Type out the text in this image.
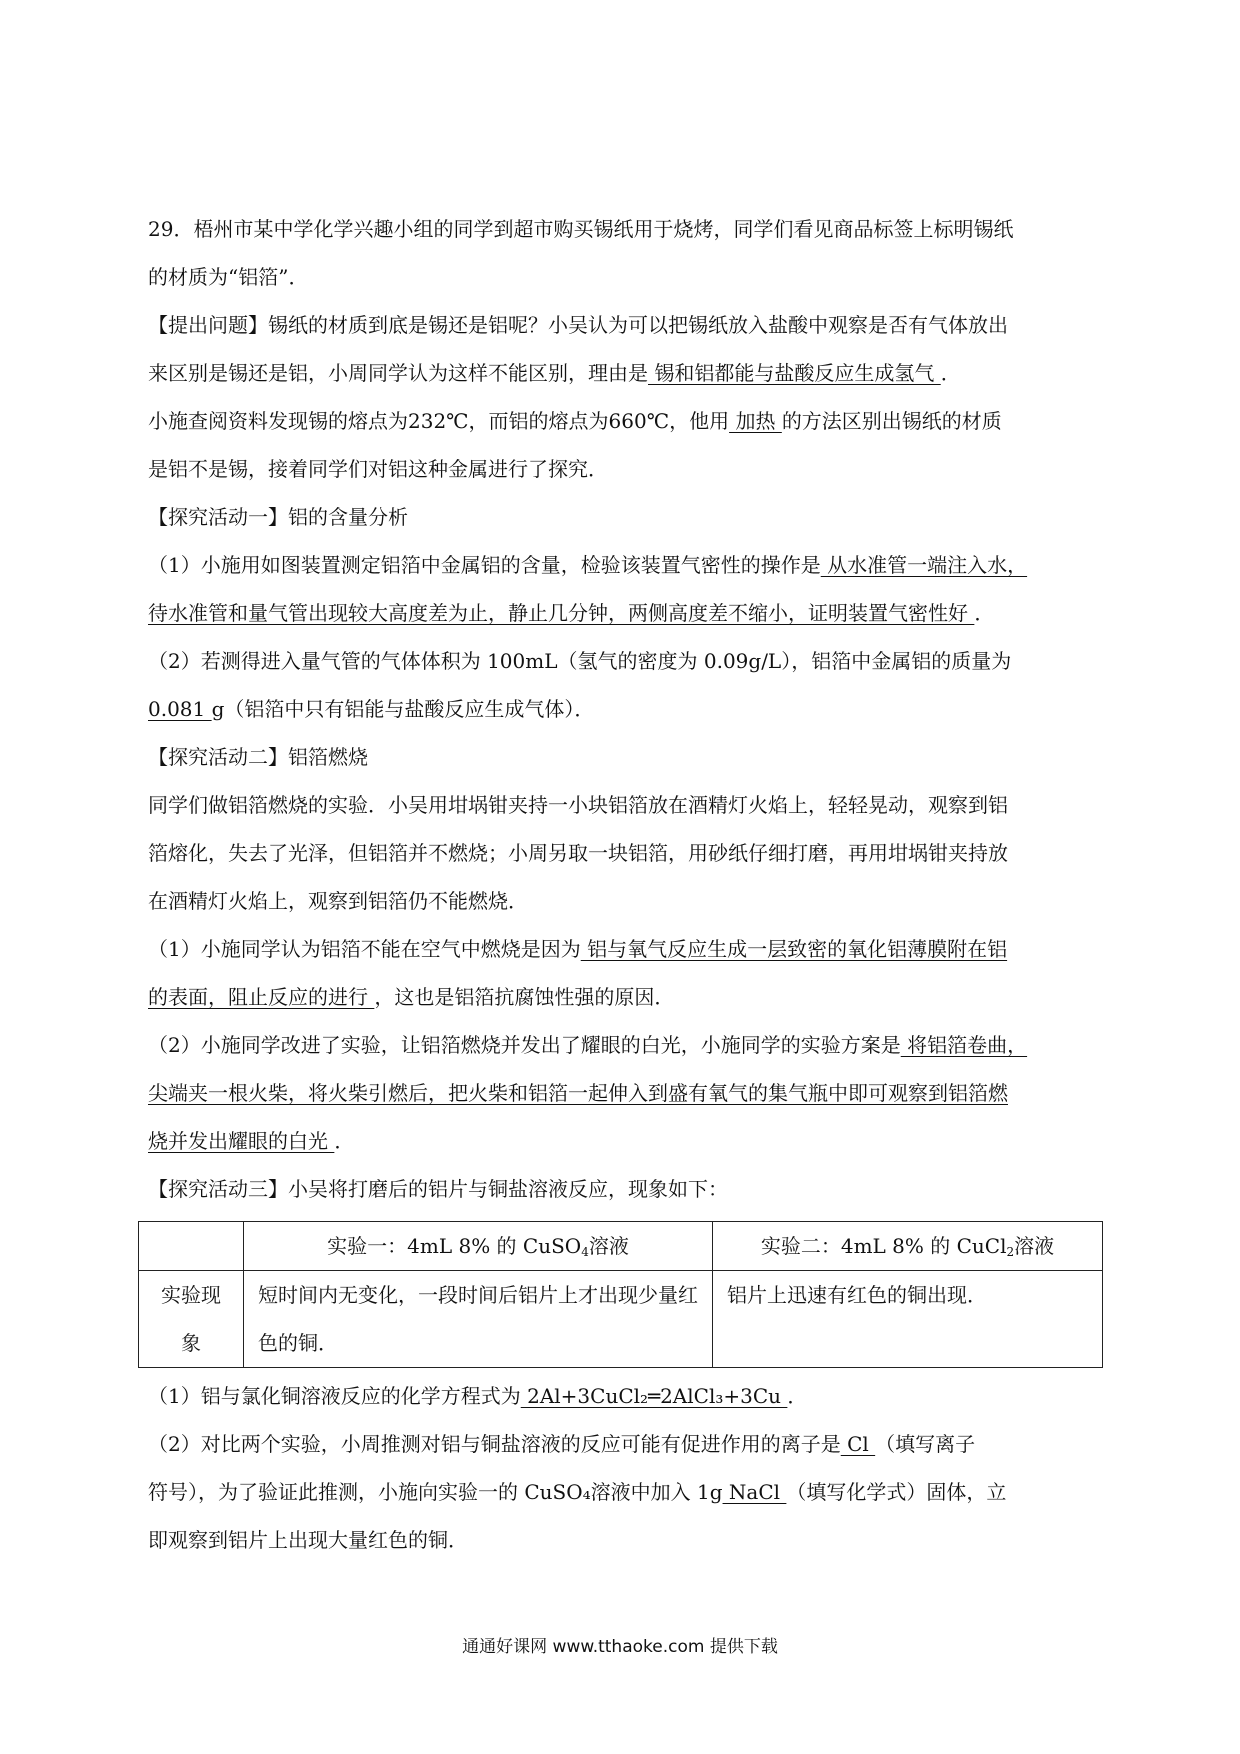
29．梧州市某中学化学兴趣小组的同学到超市购买锡纸用于烧烤，同学们看见商品标签上标明锡纸

的材质为“铝箔”．

【提出问题】锡纸的材质到底是锡还是铝呢？小吴认为可以把锡纸放入盐酸中观察是否有气体放出

来区别是锡还是铝，小周同学认为这样不能区别，理由是 锡和铝都能与盐酸反应生成氢气 ．

小施查阅资料发现锡的熔点为232℃，而铝的熔点为660℃，他用 加热 的方法区别出锡纸的材质

是铝不是锡，接着同学们对铝这种金属进行了探究．

【探究活动一】铝的含量分析

（1）小施用如图装置测定铝箔中金属铝的含量，检验该装置气密性的操作是 从水准管一端注入水，

待水准管和量气管出现较大高度差为止，静止几分钟，两侧高度差不缩小，证明装置气密性好 ．

（2）若测得进入量气管的气体体积为 100mL（氢气的密度为 0.09g/L），铝箔中金属铝的质量为

0.081 g（铝箔中只有铝能与盐酸反应生成气体）．

【探究活动二】铝箔燃烧

同学们做铝箔燃烧的实验．小吴用坩埚钳夹持一小块铝箔放在酒精灯火焰上，轻轻晃动，观察到铝

箔熔化，失去了光泽，但铝箔并不燃烧；小周另取一块铝箔，用砂纸仔细打磨，再用坩埚钳夹持放

在酒精灯火焰上，观察到铝箔仍不能燃烧．

（1）小施同学认为铝箔不能在空气中燃烧是因为 铝与氧气反应生成一层致密的氧化铝薄膜附在铝

的表面，阻止反应的进行 ，这也是铝箔抗腐蚀性强的原因．

（2）小施同学改进了实验，让铝箔燃烧并发出了耀眼的白光，小施同学的实验方案是 将铝箔卷曲，

尖端夹一根火柴，将火柴引燃后，把火柴和铝箔一起伸入到盛有氧气的集气瓶中即可观察到铝箔燃

烧并发出耀眼的白光 ．

【探究活动三】小吴将打磨后的铝片与铜盐溶液反应，现象如下：

	实验一：4mL 8% 的 CuSO$_4$溶液	实验二：4mL 8% 的 CuCl$_2$溶液
实验现象	短时间内无变化，一段时间后铝片上才出现少量红色的铜．	铝片上迅速有红色的铜出现．

（1）铝与氯化铜溶液反应的化学方程式为 2Al+3CuCl₂═2AlCl₃+3Cu ．

（2）对比两个实验，小周推测对铝与铜盐溶液的反应可能有促进作用的离子是 Cl （填写离子

符号），为了验证此推测，小施向实验一的 CuSO₄溶液中加入 1g NaCl （填写化学式）固体，立

即观察到铝片上出现大量红色的铜．

通通好课网 www.tthaoke.com 提供下载
